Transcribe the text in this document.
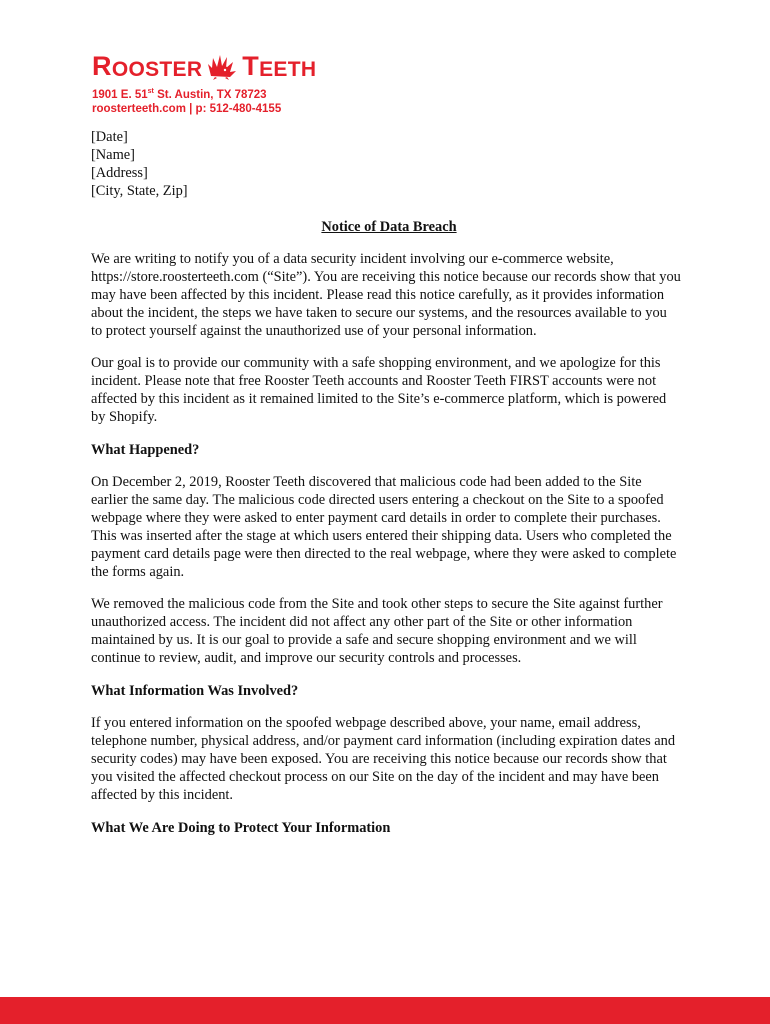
R OOSTER T EETH
1901 E. 51st St. Austin, TX 78723
roosterteeth.com | p: 512-480-4155

[Date]

[Name]

[Address]

[City, State, Zip]

Notice of Data Breach

We are writing to notify you of a data security incident involving our e-commerce website, https://store.roosterteeth.com (“Site”). You are receiving this notice because our records show that you may have been affected by this incident. Please read this notice carefully, as it provides information about the incident, the steps we have taken to secure our systems, and the resources available to you to protect yourself against the unauthorized use of your personal information.

Our goal is to provide our community with a safe shopping environment, and we apologize for this incident. Please note that free Rooster Teeth accounts and Rooster Teeth FIRST accounts were not affected by this incident as it remained limited to the Site’s e-commerce platform, which is powered by Shopify.

What Happened?

On December 2, 2019, Rooster Teeth discovered that malicious code had been added to the Site earlier the same day. The malicious code directed users entering a checkout on the Site to a spoofed webpage where they were asked to enter payment card details in order to complete their purchases. This was inserted after the stage at which users entered their shipping data. Users who completed the payment card details page were then directed to the real webpage, where they were asked to complete the forms again.

We removed the malicious code from the Site and took other steps to secure the Site against further unauthorized access. The incident did not affect any other part of the Site or other information maintained by us. It is our goal to provide a safe and secure shopping environment and we will continue to review, audit, and improve our security controls and processes.

What Information Was Involved?

If you entered information on the spoofed webpage described above, your name, email address, telephone number, physical address, and/or payment card information (including expiration dates and security codes) may have been exposed. You are receiving this notice because our records show that you visited the affected checkout process on our Site on the day of the incident and may have been affected by this incident.

What We Are Doing to Protect Your Information
